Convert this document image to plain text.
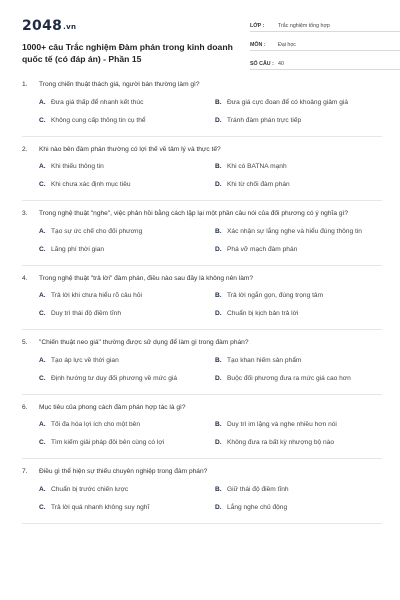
2048.vn
1000+ câu Trắc nghiệm Đàm phán trong kinh doanh quốc tế (có đáp án) - Phần 15
LỚP :	Trắc nghiệm tổng hợp
MÔN :	Đại học
SỐ CÂU : 40
1.	Trong chiến thuật thách giá, người bán thường làm gì?
A. Đưa giá thấp để nhanh kết thúc	B. Đưa giá cực đoan để có khoảng giảm giá
C. Không cung cấp thông tin cụ thể	D. Tránh đàm phán trực tiếp
2.	Khi nào bên đàm phán thường có lợi thế về tâm lý và thực tế?
A. Khi thiếu thông tin	B. Khi có BATNA mạnh
C. Khi chưa xác định mục tiêu	D. Khi từ chối đàm phán
3.	Trong nghệ thuật "nghe", việc phản hồi bằng cách lặp lại một phần câu nói của đối phương có ý nghĩa gì?
A. Tạo sự ức chế cho đối phương	B. Xác nhận sự lắng nghe và hiểu đúng thông tin
C. Lãng phí thời gian	D. Phá vỡ mạch đàm phán
4.	Trong nghệ thuật "trả lời" đàm phán, điều nào sau đây là không nên làm?
A. Trả lời khi chưa hiểu rõ câu hỏi	B. Trả lời ngắn gọn, đúng trọng tâm
C. Duy trì thái độ điềm tĩnh	D. Chuẩn bị kịch bản trả lời
5.	"Chiến thuật neo giá" thường được sử dụng để làm gì trong đàm phán?
A. Tạo áp lực về thời gian	B. Tạo khan hiếm sản phẩm
C. Định hướng tư duy đối phương về mức giá	D. Buộc đối phương đưa ra mức giá cao hơn
6.	Mục tiêu của phong cách đàm phán hợp tác là gì?
A. Tối đa hóa lợi ích cho một bên	B. Duy trì im lặng và nghe nhiều hơn nói
C. Tìm kiếm giải pháp đôi bên cùng có lợi	D. Không đưa ra bất kỳ nhượng bộ nào
7.	Điều gì thể hiện sự thiếu chuyên nghiệp trong đàm phán?
A. Chuẩn bị trước chiến lược	B. Giữ thái độ điềm tĩnh
C. Trả lời quá nhanh không suy nghĩ	D. Lắng nghe chủ động
